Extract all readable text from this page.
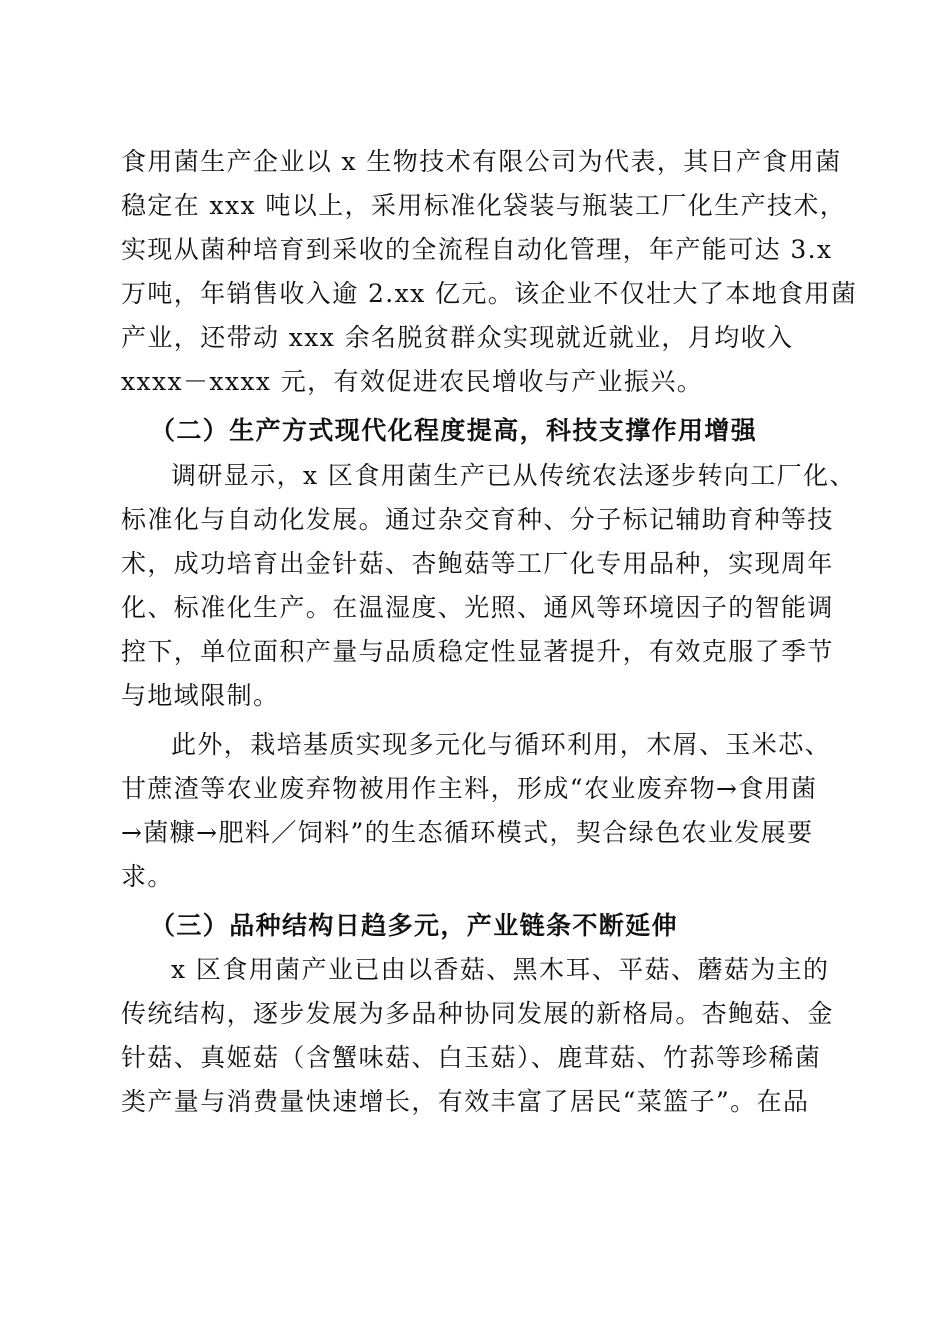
食用菌生产企业以 x 生物技术有限公司为代表，其日产食用菌
稳定在 xxx 吨以上，采用标准化袋装与瓶装工厂化生产技术，
实现从菌种培育到采收的全流程自动化管理，年产能可达 3.x
万吨，年销售收入逾 2.xx 亿元。该企业不仅壮大了本地食用菌
产业，还带动 xxx 余名脱贫群众实现就近就业，月均收入
xxxx－xxxx 元，有效促进农民增收与产业振兴。
（二）生产方式现代化程度提高，科技支撑作用增强
调研显示，x 区食用菌生产已从传统农法逐步转向工厂化、
标准化与自动化发展。通过杂交育种、分子标记辅助育种等技
术，成功培育出金针菇、杏鲍菇等工厂化专用品种，实现周年
化、标准化生产。在温湿度、光照、通风等环境因子的智能调
控下，单位面积产量与品质稳定性显著提升，有效克服了季节
与地域限制。
此外，栽培基质实现多元化与循环利用，木屑、玉米芯、
甘蔗渣等农业废弃物被用作主料，形成“农业废弃物→食用菌
→菌糠→肥料／饲料”的生态循环模式，契合绿色农业发展要
求。
（三）品种结构日趋多元，产业链条不断延伸
x 区食用菌产业已由以香菇、黑木耳、平菇、蘑菇为主的
传统结构，逐步发展为多品种协同发展的新格局。杏鲍菇、金
针菇、真姬菇（含蟹味菇、白玉菇）、鹿茸菇、竹荪等珍稀菌
类产量与消费量快速增长，有效丰富了居民“菜篮子”。在品
